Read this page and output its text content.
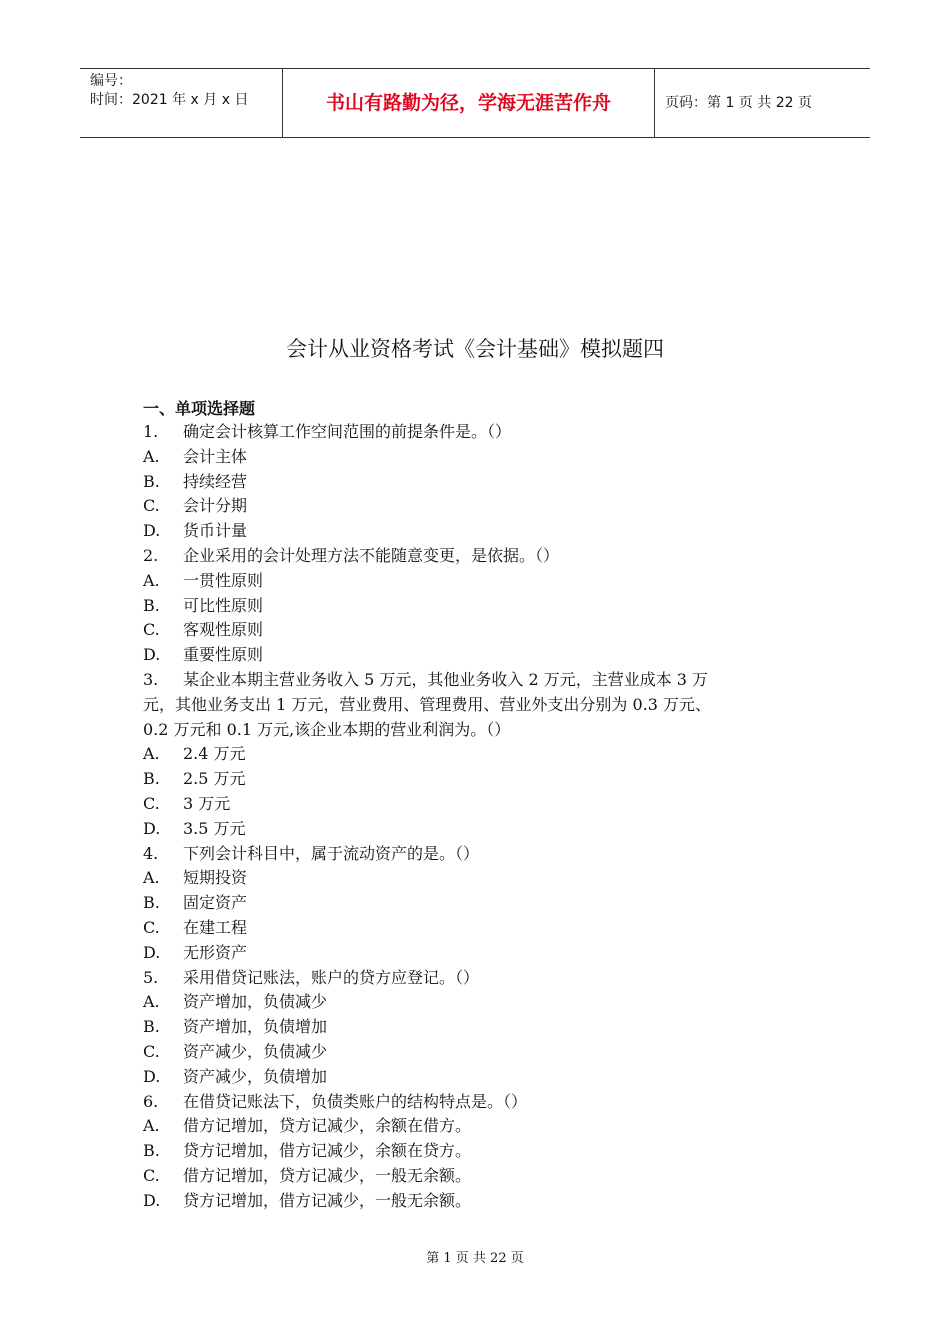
编号：
时间：2021 年 x 月 x 日	书山有路勤为径，学海无涯苦作舟	页码：第 1 页 共 22 页
会计从业资格考试《会计基础》模拟题四
一、单项选择题
1. 确定会计核算工作空间范围的前提条件是。（）
A. 会计主体
B. 持续经营
C. 会计分期
D. 货币计量
2. 企业采用的会计处理方法不能随意变更，是依据。（）
A. 一贯性原则
B. 可比性原则
C. 客观性原则
D. 重要性原则
3. 某企业本期主营业务收入 5 万元，其他业务收入 2 万元，主营业成本 3 万
元，其他业务支出 1 万元，营业费用、管理费用、营业外支出分别为 0.3 万元、
0.2 万元和 0.1 万元,该企业本期的营业利润为。（）
A. 2.4 万元
B. 2.5 万元
C. 3 万元
D. 3.5 万元
4. 下列会计科目中，属于流动资产的是。（）
A. 短期投资
B. 固定资产
C. 在建工程
D. 无形资产
5. 采用借贷记账法，账户的贷方应登记。（）
A. 资产增加，负债减少
B. 资产增加，负债增加
C. 资产减少，负债减少
D. 资产减少，负债增加
6. 在借贷记账法下，负债类账户的结构特点是。（）
A. 借方记增加，贷方记减少，余额在借方。
B. 贷方记增加，借方记减少，余额在贷方。
C. 借方记增加，贷方记减少，一般无余额。
D. 贷方记增加，借方记减少，一般无余额。
第 1 页 共 22 页
